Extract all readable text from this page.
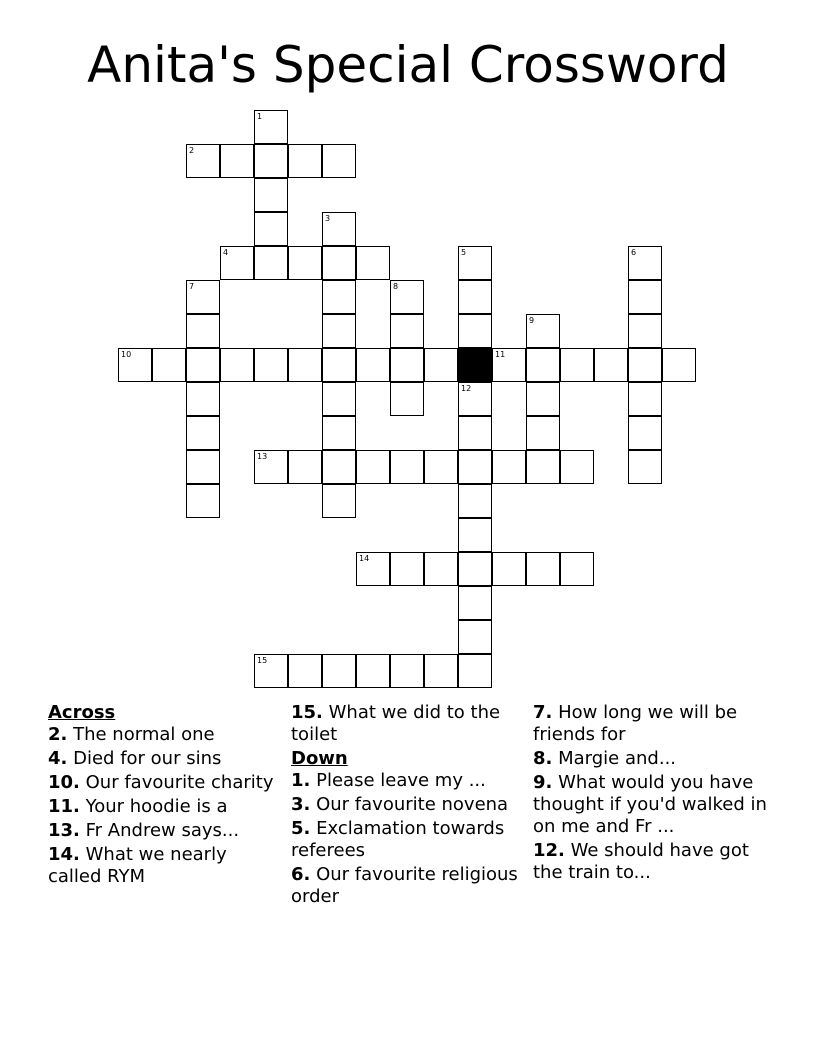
Anita's Special Crossword
1
2
3
4	5	6
7	8
9
10	11
12
13
14
15
Across
2. The normal one
4. Died for our sins
10. Our favourite charity
11. Your hoodie is a
13. Fr Andrew says...
14. What we nearly called RYM
15. What we did to the toilet
Down
1. Please leave my ...
3. Our favourite novena
5. Exclamation towards referees
6. Our favourite religious order
7. How long we will be friends for
8. Margie and...
9. What would you have thought if you'd walked in on me and Fr ...
12. We should have got the train to...
